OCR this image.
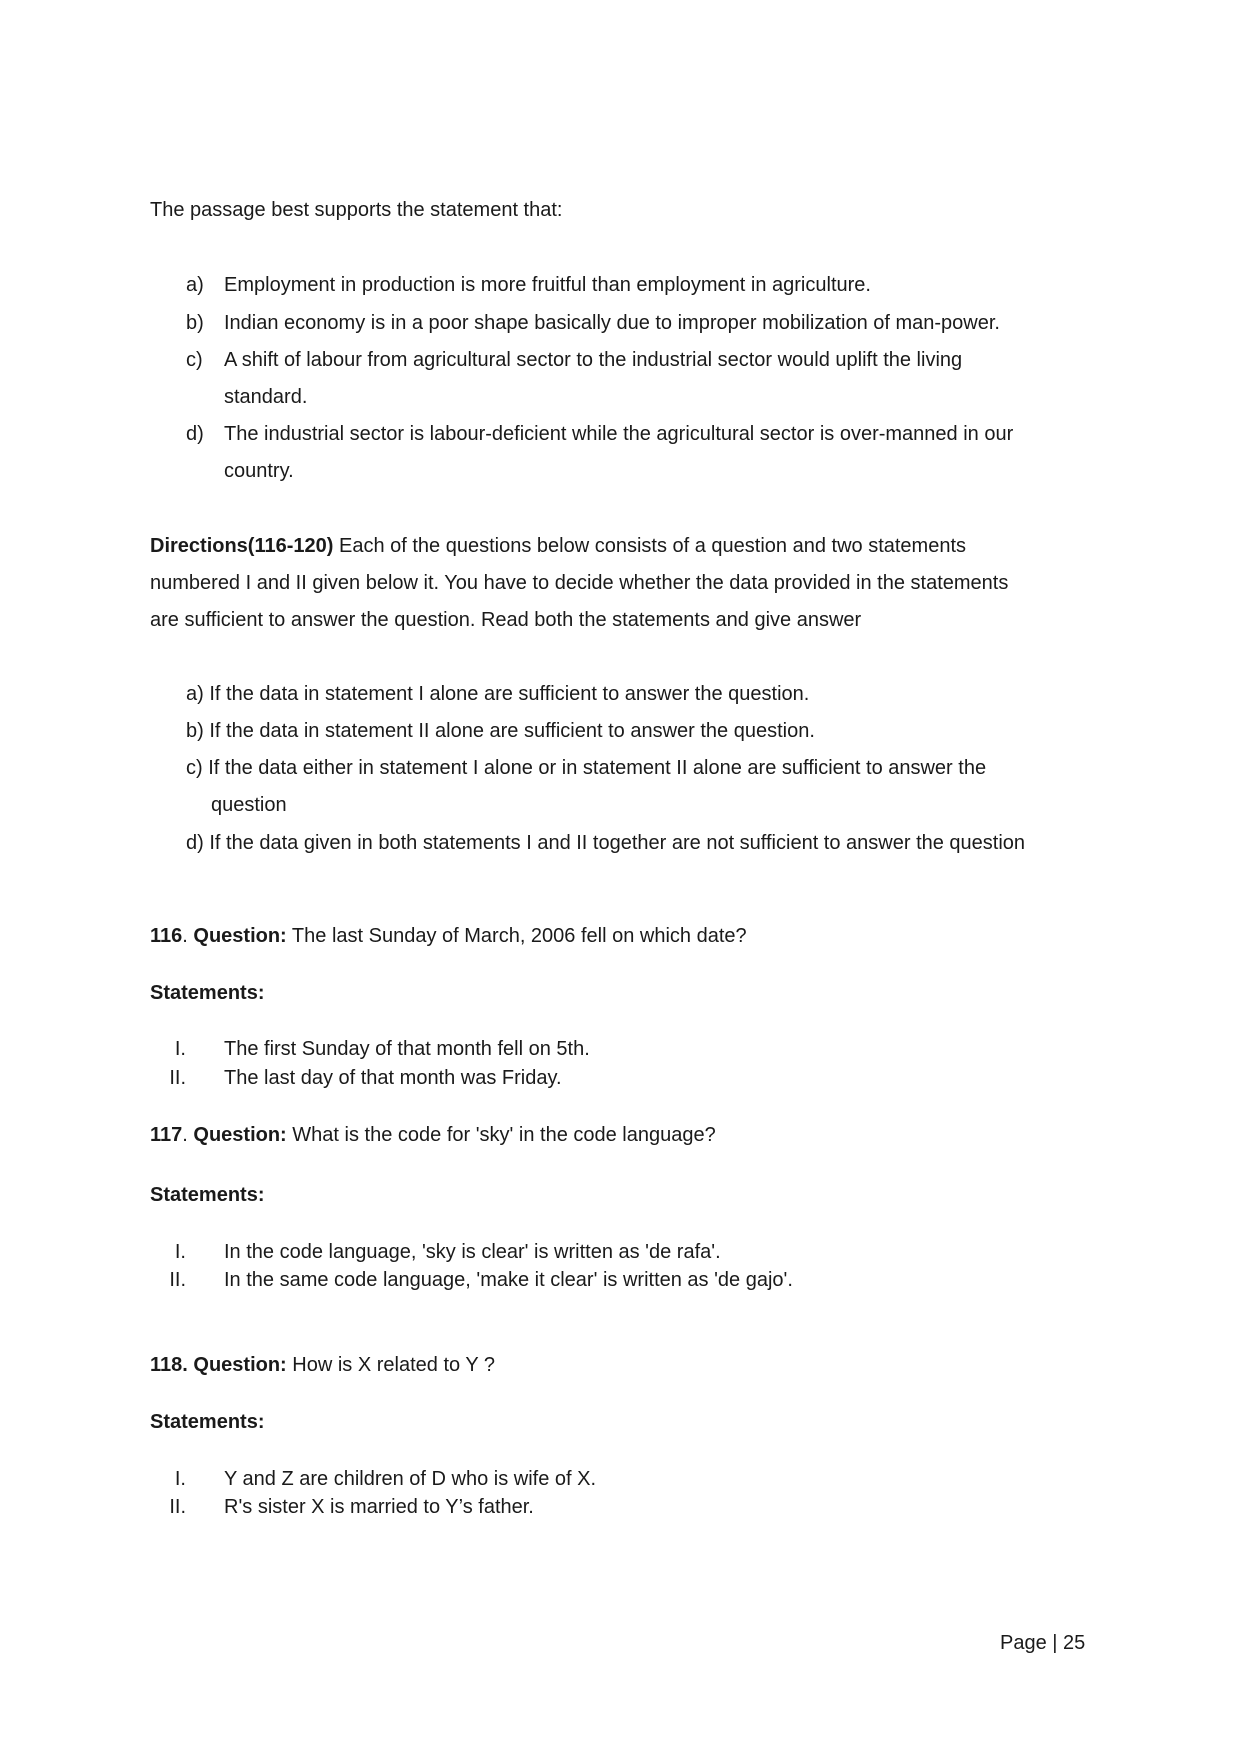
The passage best supports the statement that:
a) Employment in production is more fruitful than employment in agriculture.
b) Indian economy is in a poor shape basically due to improper mobilization of man-power.
c) A shift of labour from agricultural sector to the industrial sector would uplift the living
standard.
d) The industrial sector is labour-deficient while the agricultural sector is over-manned in our
country.
Directions(116-120) Each of the questions below consists of a question and two statements
numbered I and II given below it. You have to decide whether the data provided in the statements
are sufficient to answer the question. Read both the statements and give answer
a) If the data in statement I alone are sufficient to answer the question.
b) If the data in statement II alone are sufficient to answer the question.
c) If the data either in statement I alone or in statement II alone are sufficient to answer the
question
d) If the data given in both statements I and II together are not sufficient to answer the question
116. Question: The last Sunday of March, 2006 fell on which date?
Statements:
I. The first Sunday of that month fell on 5th.
II. The last day of that month was Friday.
117. Question: What is the code for 'sky' in the code language?
Statements:
I. In the code language, 'sky is clear' is written as 'de rafa'.
II. In the same code language, 'make it clear' is written as 'de gajo'.
118. Question: How is X related to Y ?
Statements:
I. Y and Z are children of D who is wife of X.
II. R's sister X is married to Y’s father.
Page | 25
